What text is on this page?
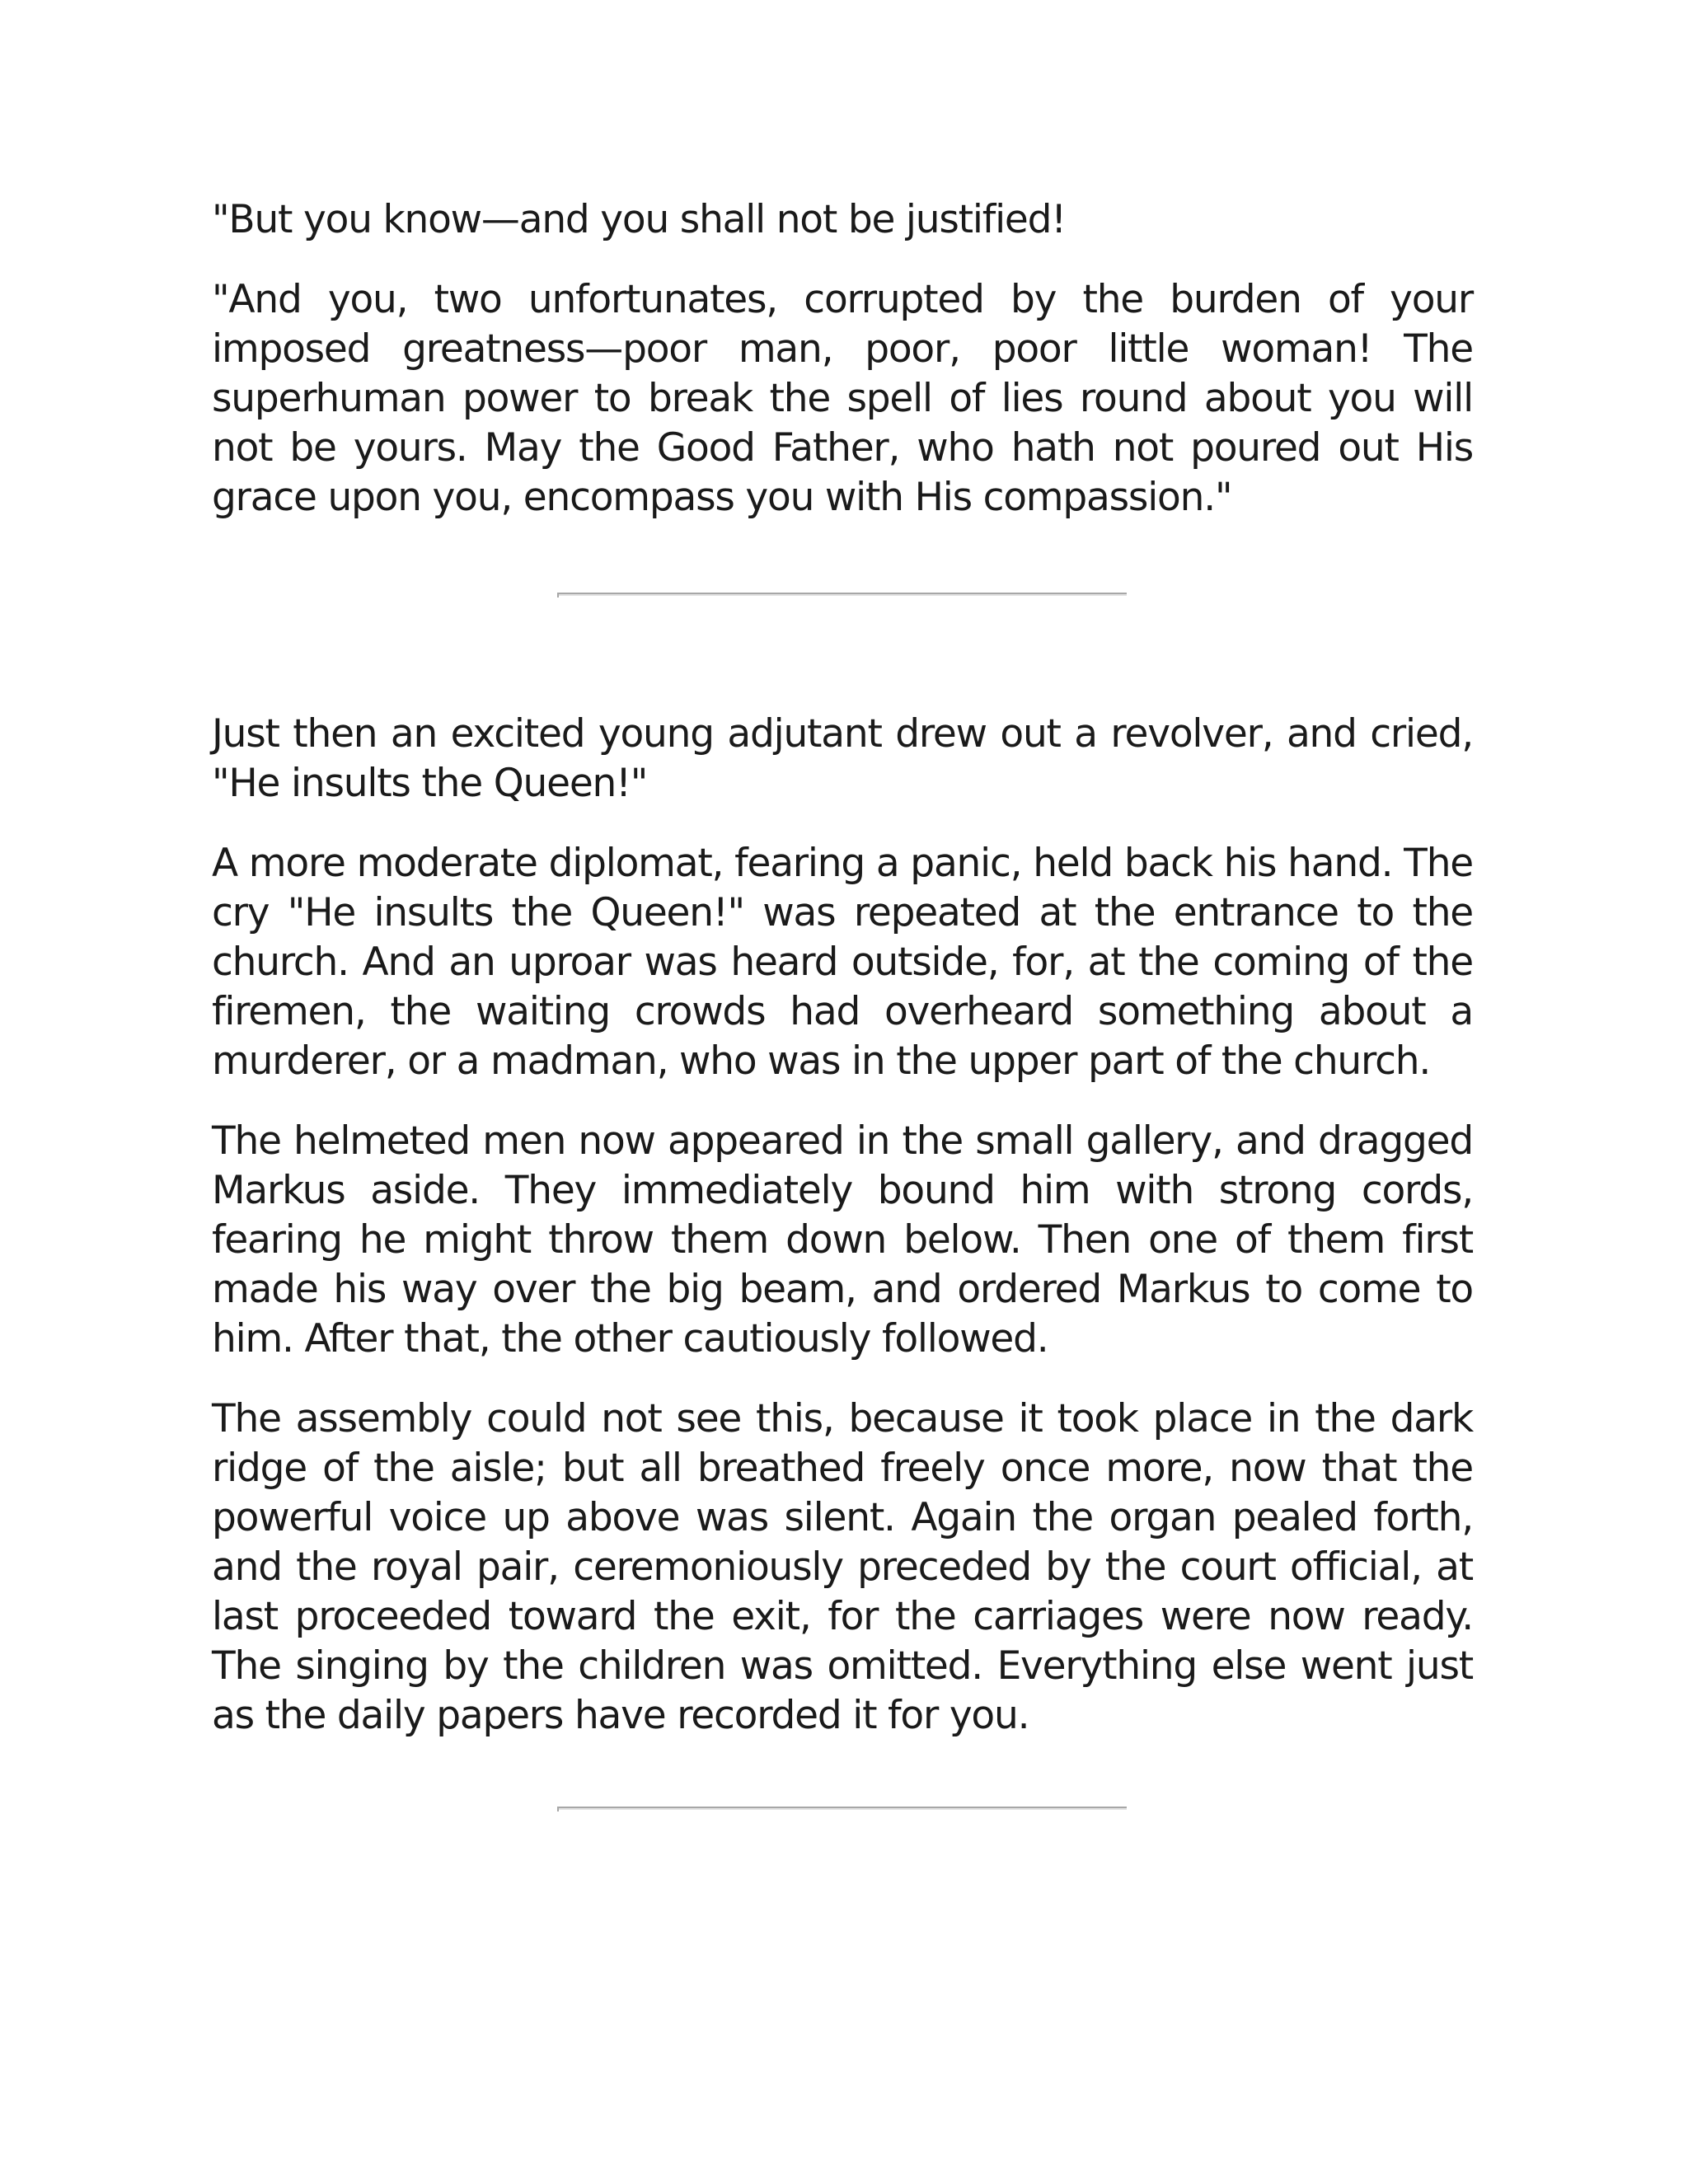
"But you know—and you shall not be justified!

"And you, two unfortunates, corrupted by the burden of your imposed greatness—poor man, poor, poor little woman! The superhuman power to break the spell of lies round about you will not be yours. May the Good Father, who hath not poured out His grace upon you, encompass you with His compassion."

Just then an excited young adjutant drew out a revolver, and cried, "He insults the Queen!"

A more moderate diplomat, fearing a panic, held back his hand. The cry "He insults the Queen!" was repeated at the entrance to the church. And an uproar was heard outside, for, at the coming of the firemen, the waiting crowds had overheard something about a murderer, or a madman, who was in the upper part of the church.

The helmeted men now appeared in the small gallery, and dragged Markus aside. They immediately bound him with strong cords, fearing he might throw them down below. Then one of them first made his way over the big beam, and ordered Markus to come to him. After that, the other cautiously followed.

The assembly could not see this, because it took place in the dark ridge of the aisle; but all breathed freely once more, now that the powerful voice up above was silent. Again the organ pealed forth, and the royal pair, ceremoniously preceded by the court official, at last proceeded toward the exit, for the carriages were now ready. The singing by the children was omitted. Everything else went just as the daily papers have recorded it for you.
